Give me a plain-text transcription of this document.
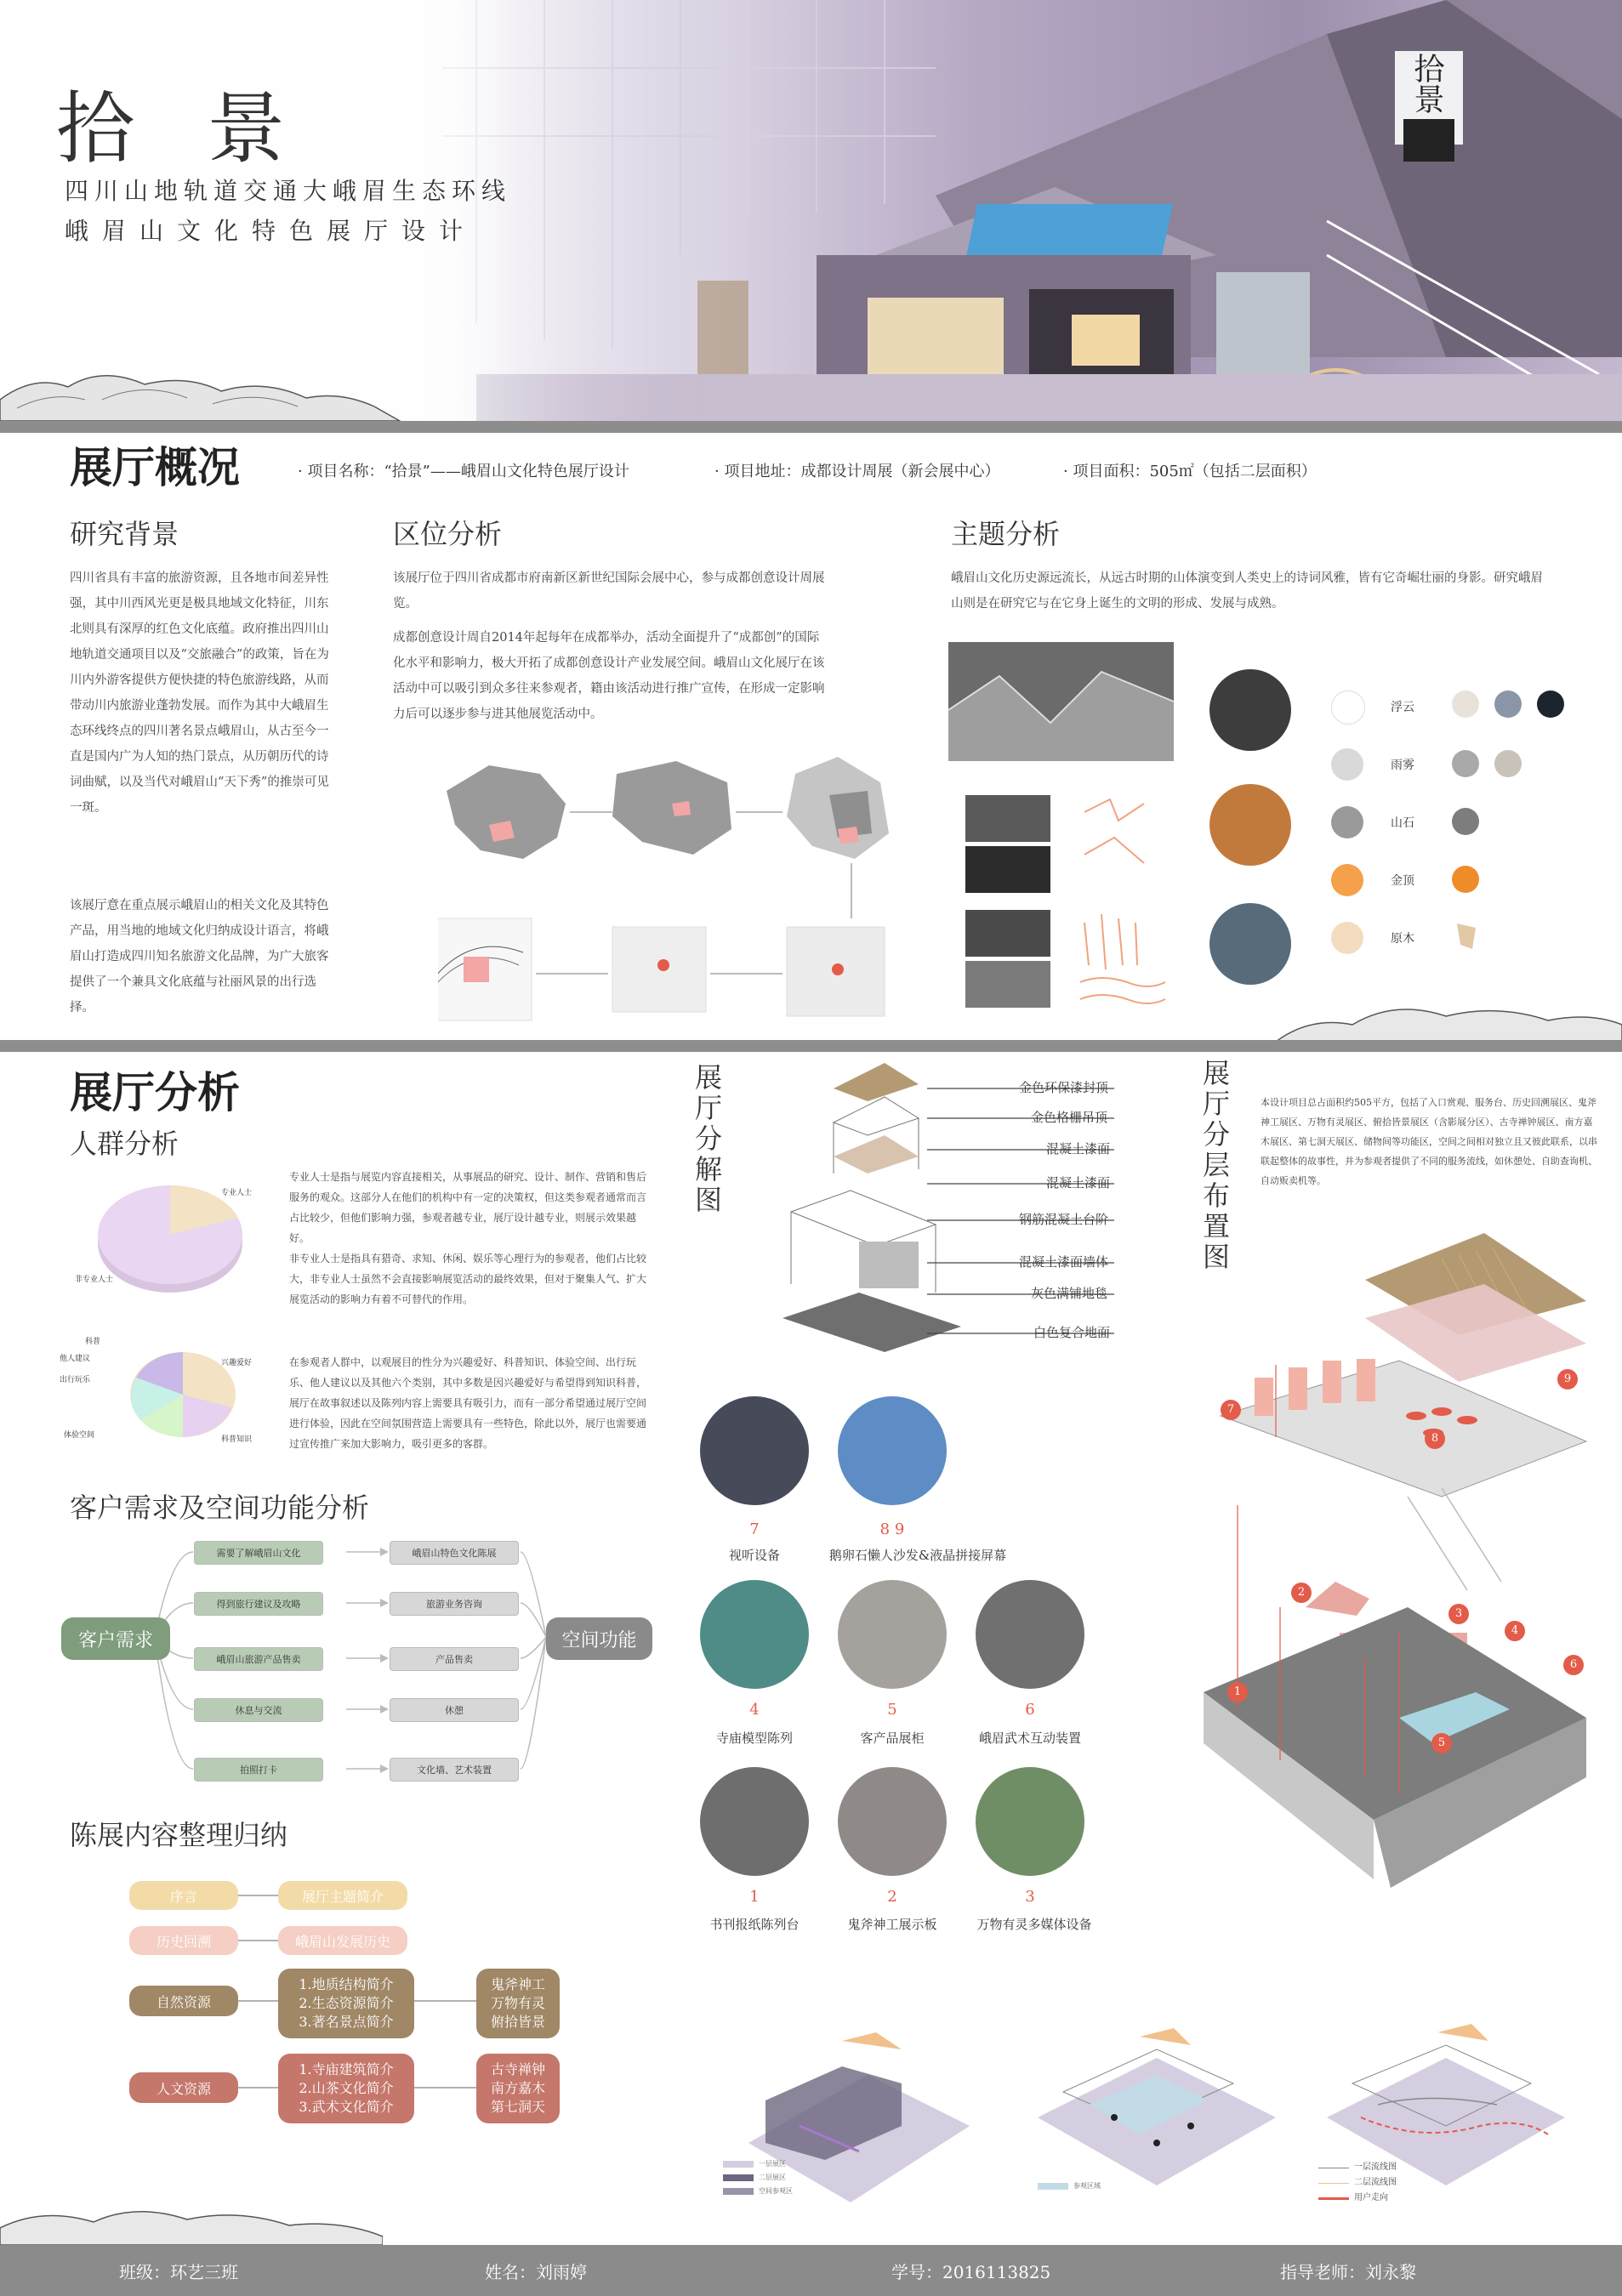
拾 景
四川山地轨道交通大峨眉生态环线
峨眉山文化特色展厅设计
拾景
展厅概况	· 项目名称：“拾景”——峨眉山文化特色展厅设计	· 项目地址：成都设计周展（新会展中心）	· 项目面积：505㎡（包括二层面积）
研究背景
四川省具有丰富的旅游资源，且各地市间差异性强，其中川西风光更是极具地域文化特征，川东北则具有深厚的红色文化底蕴。政府推出四川山地轨道交通项目以及“交旅融合”的政策，旨在为川内外游客提供方便快捷的特色旅游线路，从而带动川内旅游业蓬勃发展。而作为其中大峨眉生态环线终点的四川著名景点峨眉山，从古至今一直是国内广为人知的热门景点，从历朝历代的诗词曲赋，以及当代对峨眉山“天下秀”的推崇可见一斑。
该展厅意在重点展示峨眉山的相关文化及其特色产品，用当地的地域文化归纳成设计语言，将峨眉山打造成四川知名旅游文化品牌，为广大旅客提供了一个兼具文化底蕴与社丽风景的出行选择。
区位分析
该展厅位于四川省成都市府南新区新世纪国际会展中心，参与成都创意设计周展览。
成都创意设计周自2014年起每年在成都举办，活动全面提升了“成都创”的国际化水平和影响力，极大开拓了成都创意设计产业发展空间。峨眉山文化展厅在该活动中可以吸引到众多往来参观者，籍由该活动进行推广宣传，在形成一定影响力后可以逐步参与进其他展览活动中。
主题分析
峨眉山文化历史源远流长，从远古时期的山体演变到人类史上的诗词风雅，皆有它奇崛壮丽的身影。研究峨眉山则是在研究它与在它身上诞生的文明的形成、发展与成熟。
浮云
雨雾
山石
金顶
原木
展厅分析
人群分析
专业人士
非专业人士
专业人士是指与展览内容直接相关，从事展品的研究、设计、制作、营销和售后服务的观众。这部分人在他们的机构中有一定的决策权，但这类参观者通常而言占比较少，但他们影响力强，参观者越专业，展厅设计越专业，则展示效果越好。
非专业人士是指具有猎奇、求知、休闲、娱乐等心理行为的参观者，他们占比较大，非专业人士虽然不会直接影响展览活动的最终效果，但对于聚集人气、扩大展览活动的影响力有着不可替代的作用。
科普
他人建议
出行玩乐
体验空间
兴趣爱好
科普知识
在参观者人群中，以观展目的性分为兴趣爱好、科普知识、体验空间、出行玩乐、他人建议以及其他六个类别，其中多数是因兴趣爱好与希望得到知识科普，展厅在故事叙述以及陈列内容上需要具有吸引力，而有一部分希望通过展厅空间进行体验，因此在空间氛围营造上需要具有一些特色，除此以外，展厅也需要通过宣传推广来加大影响力，吸引更多的客群。
客户需求及空间功能分析
客户需求	空间功能
需要了解峨眉山文化
得到旅行建议及攻略
峨眉山旅游产品售卖
休息与交流
拍照打卡
峨眉山特色文化陈展
旅游业务咨询
产品售卖
休憩
文化墙、艺术装置
陈展内容整理归纳
序言	展厅主题简介
历史回溯	峨眉山发展历史
自然资源
1.地质结构简介
2.生态资源简介
3.著名景点简介
鬼斧神工
万物有灵
俯拾皆景
人文资源
1.寺庙建筑简介
2.山茶文化简介
3.武术文化简介
古寺禅钟
南方嘉木
第七洞天
展厅分解图	金色环保漆封顶
金色格栅吊顶
混凝土漆面
混凝土漆面
钢筋混凝土台阶
混凝土漆面墙体
灰色满铺地毯
白色复合地面
7
视听设备
8 9
鹅卵石懒人沙发&液晶拼接屏幕
4
寺庙模型陈列
5
客产品展柜
6
峨眉武术互动装置
1
书刊报纸陈列台
2
鬼斧神工展示板
3
万物有灵多媒体设备
展厅分层布置图	本设计项目总占面积约505平方，包括了入口赏观、服务台、历史回溯展区、鬼斧神工展区、万物有灵展区、俯拾皆景展区（含影展分区）、古寺禅钟展区、南方嘉木展区、第七洞天展区、储物间等功能区，空间之间相对独立且又彼此联系，以串联起整体的故事性，并为参观者提供了不同的服务流线，如休憩处、自助查询机、自动贩卖机等。
1
2
3
4
5
6
7
8
9
一层展区
二层展区
空间参观区
参观区域
一层流线图
二层流线图
用户走向
班级：环艺三班	姓名：刘雨婷	学号：2016113825	指导老师：刘永黎
